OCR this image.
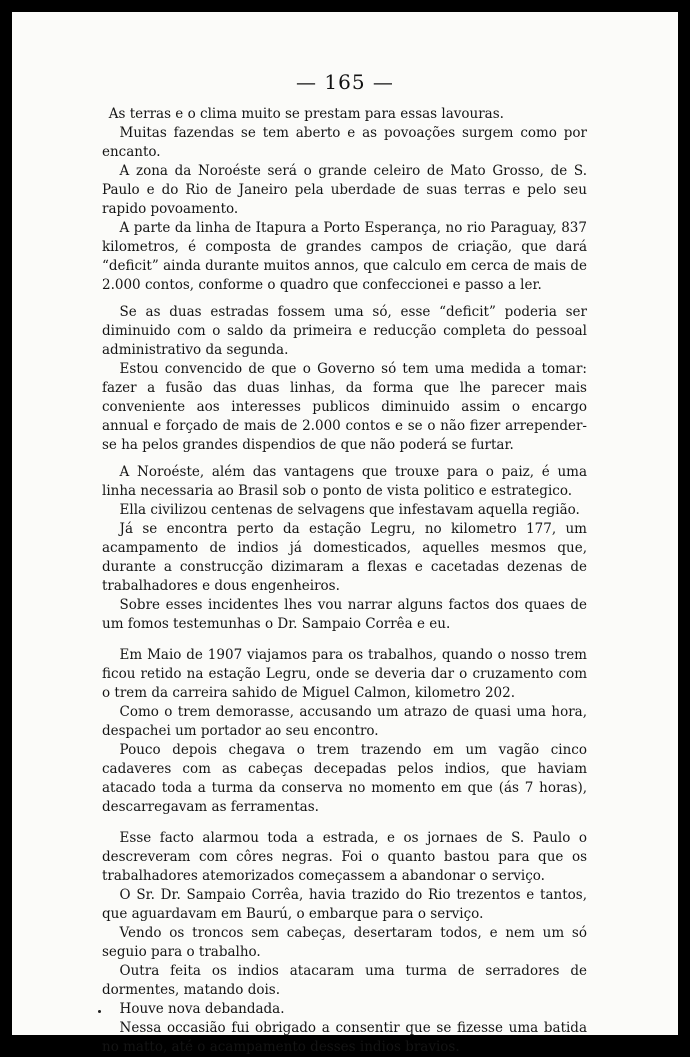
— 165 —

As terras e o clima muito se prestam para essas lavouras.

Muitas fazendas se tem aberto e as povoações surgem como por encanto.

A zona da Noroéste será o grande celeiro de Mato Grosso, de S. Paulo e do Rio de Janeiro pela uberdade de suas terras e pelo seu rapido povoamento.

A parte da linha de Itapura a Porto Esperança, no rio Paraguay, 837 kilometros, é composta de grandes campos de criação, que dará “deficit” ainda durante muitos annos, que calculo em cerca de mais de 2.000 contos, conforme o quadro que confeccionei e passo a ler.

Se as duas estradas fossem uma só, esse “deficit” poderia ser diminuido com o saldo da primeira e reducção completa do pessoal administrativo da segunda.

Estou convencido de que o Governo só tem uma medida a tomar: fazer a fusão das duas linhas, da forma que lhe parecer mais conveniente aos interesses publicos diminuido assim o encargo annual e forçado de mais de 2.000 contos e se o não fizer arrepender-se ha pelos grandes dispendios de que não poderá se furtar.

A Noroéste, além das vantagens que trouxe para o paiz, é uma linha necessaria ao Brasil sob o ponto de vista politico e estrategico.

Ella civilizou centenas de selvagens que infestavam aquella região.

Já se encontra perto da estação Legru, no kilometro 177, um acampamento de indios já domesticados, aquelles mesmos que, durante a construcção dizimaram a flexas e cacetadas dezenas de trabalhadores e dous engenheiros.

Sobre esses incidentes lhes vou narrar alguns factos dos quaes de um fomos testemunhas o Dr. Sampaio Corrêa e eu.

Em Maio de 1907 viajamos para os trabalhos, quando o nosso trem ficou retido na estação Legru, onde se deveria dar o cruzamento com o trem da carreira sahido de Miguel Calmon, kilometro 202.

Como o trem demorasse, accusando um atrazo de quasi uma hora, despachei um portador ao seu encontro.

Pouco depois chegava o trem trazendo em um vagão cinco cadaveres com as cabeças decepadas pelos indios, que haviam atacado toda a turma da conserva no momento em que (ás 7 horas), descarregavam as ferramentas.

Esse facto alarmou toda a estrada, e os jornaes de S. Paulo o descreveram com côres negras. Foi o quanto bastou para que os trabalhadores atemorizados começassem a abandonar o serviço.

O Sr. Dr. Sampaio Corrêa, havia trazido do Rio trezentos e tantos, que aguardavam em Baurú, o embarque para o serviço.

Vendo os troncos sem cabeças, desertaram todos, e nem um só seguio para o trabalho.

Outra feita os indios atacaram uma turma de serradores de dormentes, matando dois.

Houve nova debandada.

Nessa occasião fui obrigado a consentir que se fizesse uma batida no matto, até o acampamento desses indios bravios.
